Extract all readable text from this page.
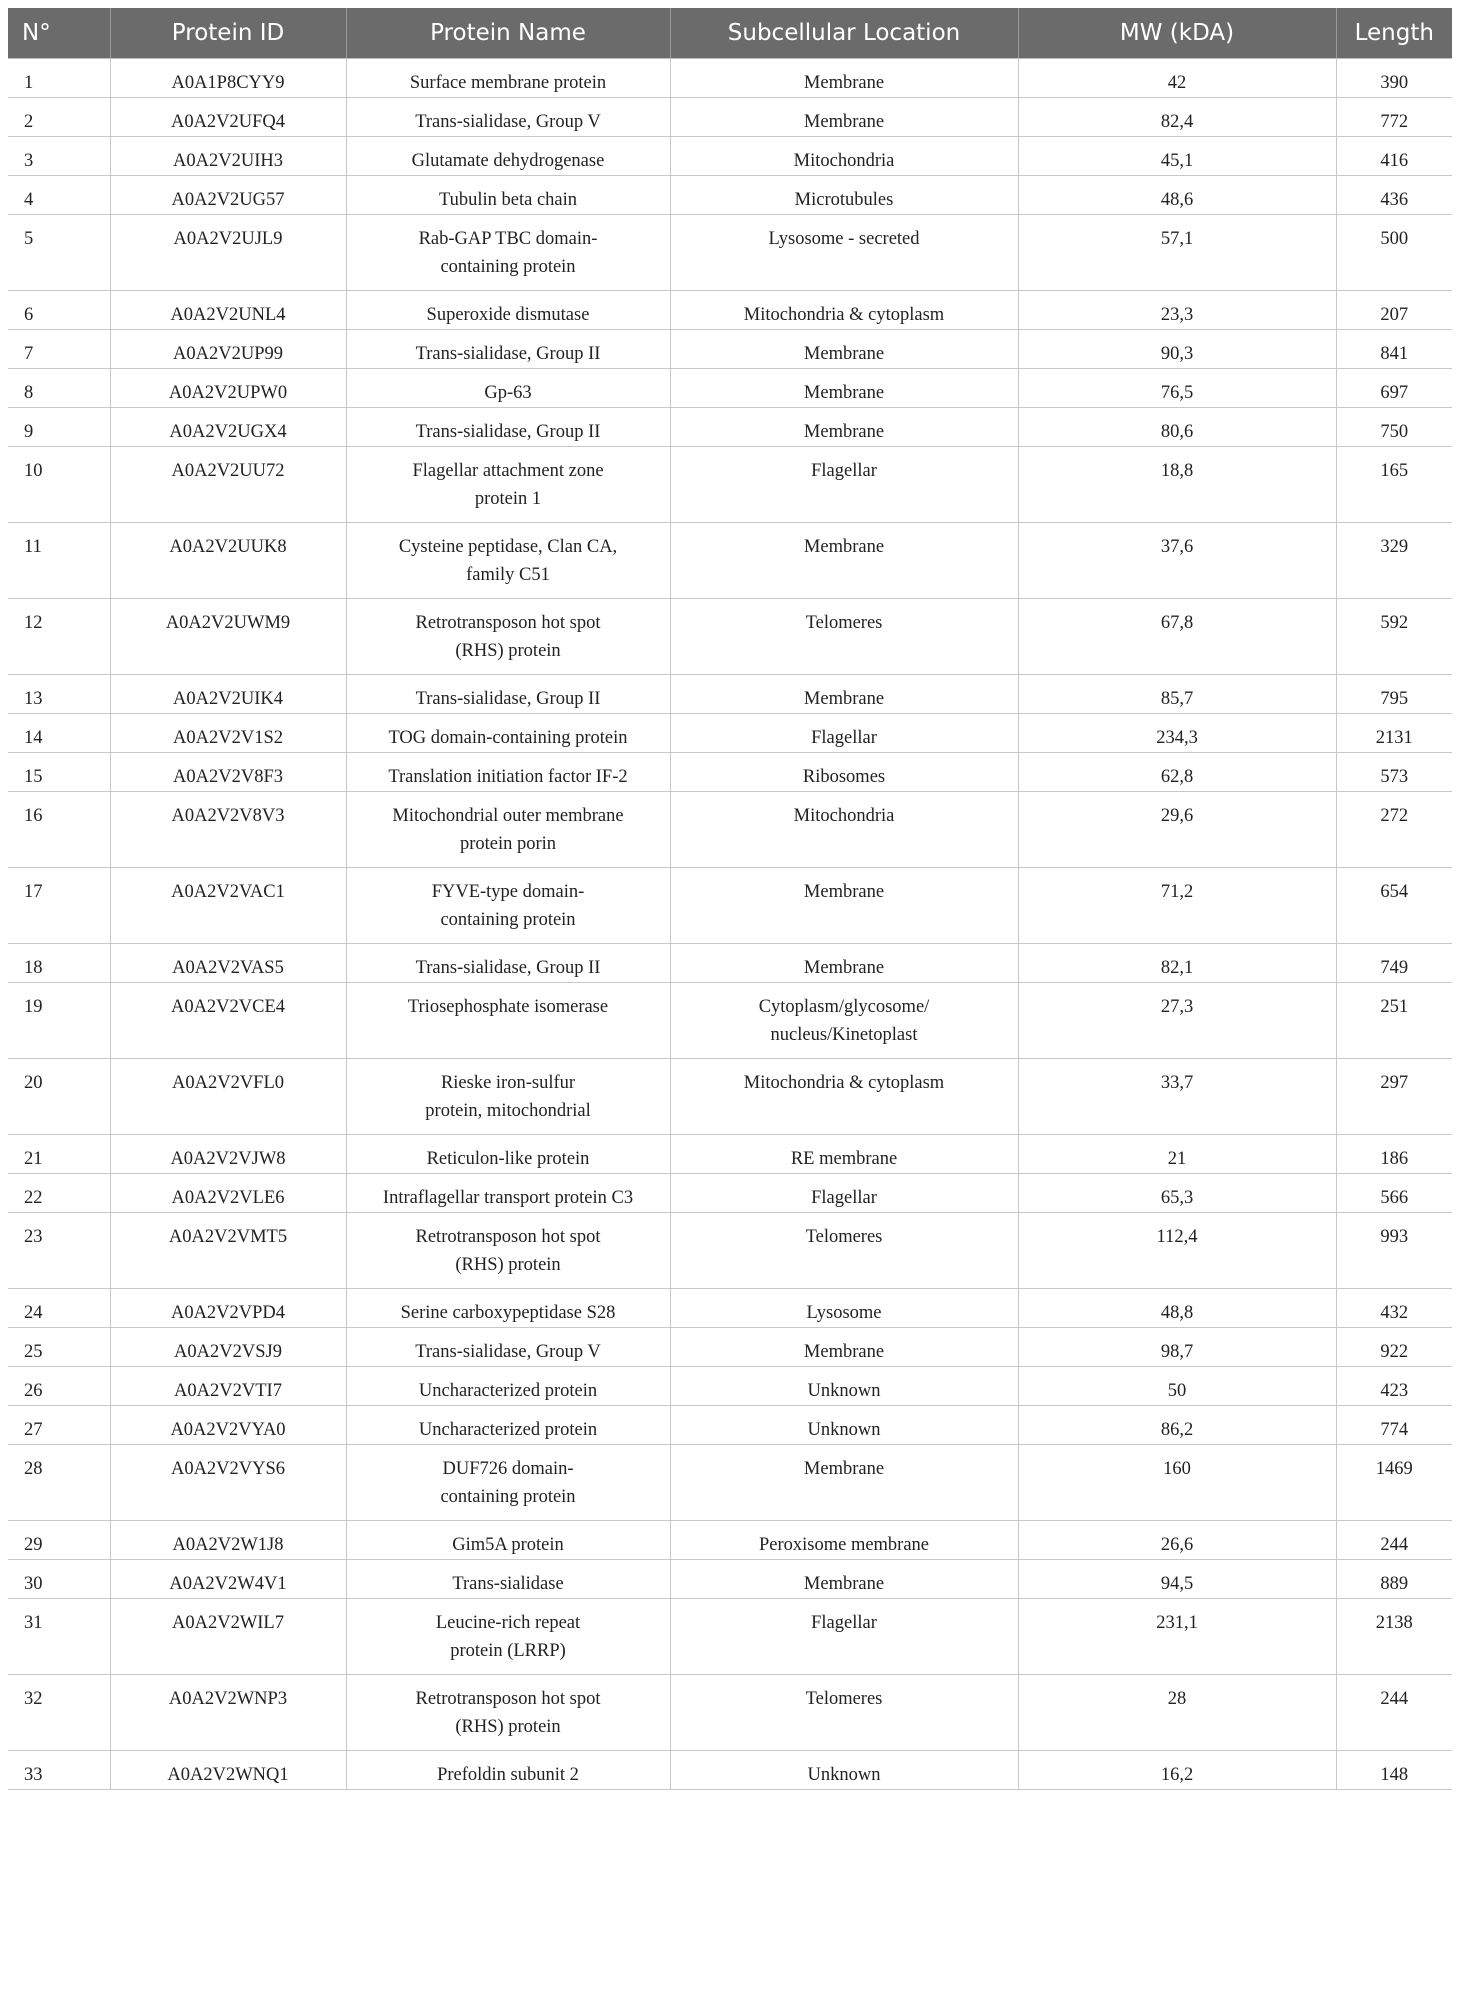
N°	Protein ID	Protein Name	Subcellular Location	MW (kDA)	Length
1	A0A1P8CYY9	Surface membrane protein	Membrane	42	390
2	A0A2V2UFQ4	Trans-sialidase, Group V	Membrane	82,4	772
3	A0A2V2UIH3	Glutamate dehydrogenase	Mitochondria	45,1	416
4	A0A2V2UG57	Tubulin beta chain	Microtubules	48,6	436
5	A0A2V2UJL9	Rab-GAP TBC domain-
containing protein	Lysosome - secreted	57,1	500
6	A0A2V2UNL4	Superoxide dismutase	Mitochondria & cytoplasm	23,3	207
7	A0A2V2UP99	Trans-sialidase, Group II	Membrane	90,3	841
8	A0A2V2UPW0	Gp-63	Membrane	76,5	697
9	A0A2V2UGX4	Trans-sialidase, Group II	Membrane	80,6	750
10	A0A2V2UU72	Flagellar attachment zone
protein 1	Flagellar	18,8	165
11	A0A2V2UUK8	Cysteine peptidase, Clan CA,
family C51	Membrane	37,6	329
12	A0A2V2UWM9	Retrotransposon hot spot
(RHS) protein	Telomeres	67,8	592
13	A0A2V2UIK4	Trans-sialidase, Group II	Membrane	85,7	795
14	A0A2V2V1S2	TOG domain-containing protein	Flagellar	234,3	2131
15	A0A2V2V8F3	Translation initiation factor IF-2	Ribosomes	62,8	573
16	A0A2V2V8V3	Mitochondrial outer membrane
protein porin	Mitochondria	29,6	272
17	A0A2V2VAC1	FYVE-type domain-
containing protein	Membrane	71,2	654
18	A0A2V2VAS5	Trans-sialidase, Group II	Membrane	82,1	749
19	A0A2V2VCE4	Triosephosphate isomerase	Cytoplasm/glycosome/
nucleus/Kinetoplast	27,3	251
20	A0A2V2VFL0	Rieske iron-sulfur
protein, mitochondrial	Mitochondria & cytoplasm	33,7	297
21	A0A2V2VJW8	Reticulon-like protein	RE membrane	21	186
22	A0A2V2VLE6	Intraflagellar transport protein C3	Flagellar	65,3	566
23	A0A2V2VMT5	Retrotransposon hot spot
(RHS) protein	Telomeres	112,4	993
24	A0A2V2VPD4	Serine carboxypeptidase S28	Lysosome	48,8	432
25	A0A2V2VSJ9	Trans-sialidase, Group V	Membrane	98,7	922
26	A0A2V2VTI7	Uncharacterized protein	Unknown	50	423
27	A0A2V2VYA0	Uncharacterized protein	Unknown	86,2	774
28	A0A2V2VYS6	DUF726 domain-
containing protein	Membrane	160	1469
29	A0A2V2W1J8	Gim5A protein	Peroxisome membrane	26,6	244
30	A0A2V2W4V1	Trans-sialidase	Membrane	94,5	889
31	A0A2V2WIL7	Leucine-rich repeat
protein (LRRP)	Flagellar	231,1	2138
32	A0A2V2WNP3	Retrotransposon hot spot
(RHS) protein	Telomeres	28	244
33	A0A2V2WNQ1	Prefoldin subunit 2	Unknown	16,2	148
